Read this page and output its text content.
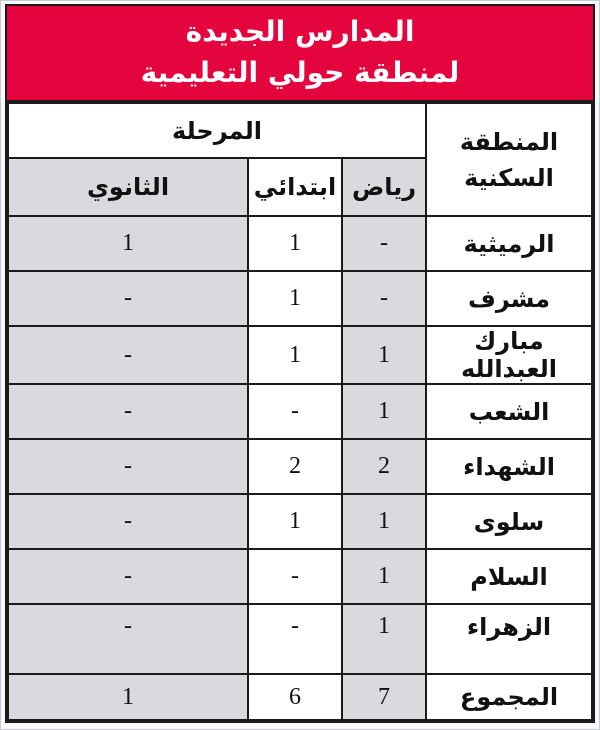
المدارس الجديدة
لمنطقة حولي التعليمية
المنطقة
السكنية	المرحلة		
	رياض	ابتدائي	الثانوي
الرميثية	-	1	1
مشرف	-	1	-
مبارك العبدالله	1	1	-
الشعب	1	-	-
الشهداء	2	2	-
سلوى	1	1	-
السلام	1	-	-
الزهراء	1	-	-
المجموع	7	6	1
